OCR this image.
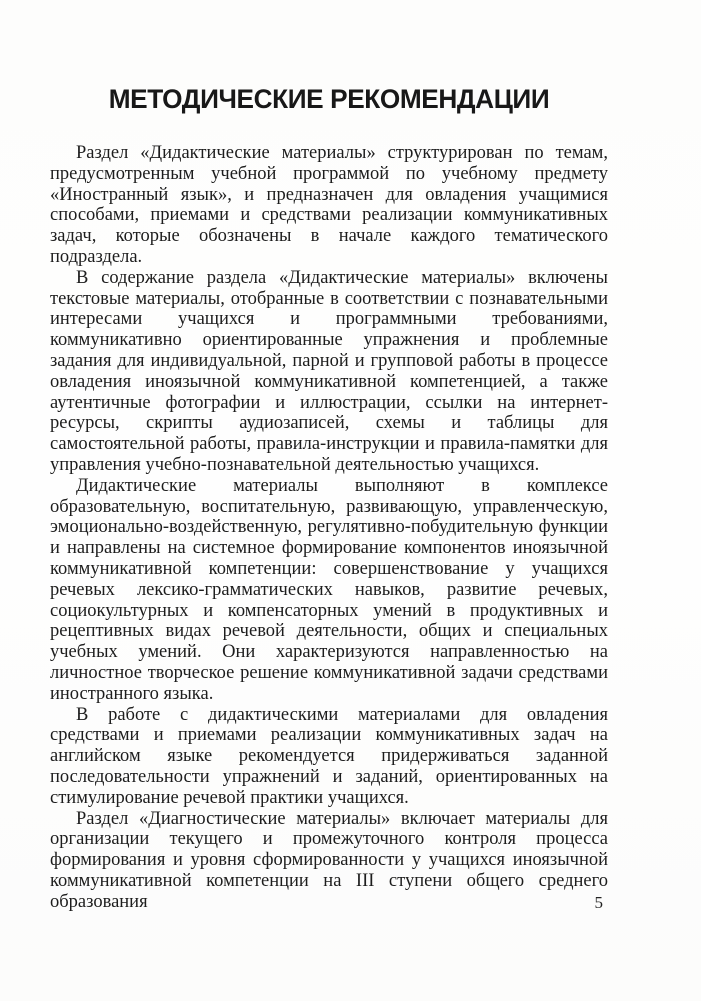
МЕТОДИЧЕСКИЕ РЕКОМЕНДАЦИИ

Раздел «Дидактические материалы» структурирован по темам, предусмотренным учебной программой по учебному предмету «Иностранный язык», и предназначен для овладения учащимися способами, приемами и средствами реализации коммуникативных задач, которые обозначены в начале каждого тематического подраздела.

В содержание раздела «Дидактические материалы» включены текстовые материалы, отобранные в соответствии с познавательными интересами учащихся и программными требованиями, коммуникативно ориентированные упражнения и проблемные задания для индивидуальной, парной и групповой работы в процессе овладения иноязычной коммуникативной компетенцией, а также аутентичные фотографии и иллюстрации, ссылки на интернет-ресурсы, скрипты аудиозаписей, схемы и таблицы для самостоятельной работы, правила-инструкции и правила-памятки для управления учебно-познавательной деятельностью учащихся.

Дидактические материалы выполняют в комплексе образовательную, воспитательную, развивающую, управленческую, эмоционально-воздейственную, регулятивно-побудительную функции и направлены на системное формирование компонентов иноязычной коммуникативной компетенции: совершенствование у учащихся речевых лексико-грамматических навыков, развитие речевых, социокультурных и компенсаторных умений в продуктивных и рецептивных видах речевой деятельности, общих и специальных учебных умений. Они характеризуются направленностью на личностное творческое решение коммуникативной задачи средствами иностранного языка.

В работе с дидактическими материалами для овладения средствами и приемами реализации коммуникативных задач на английском языке рекомендуется придерживаться заданной последовательности упражнений и заданий, ориентированных на стимулирование речевой практики учащихся.

Раздел «Диагностические материалы» включает материалы для организации текущего и промежуточного контроля процесса формирования и уровня сформированности у учащихся иноязычной коммуникативной компетенции на III ступени общего среднего образования	5
